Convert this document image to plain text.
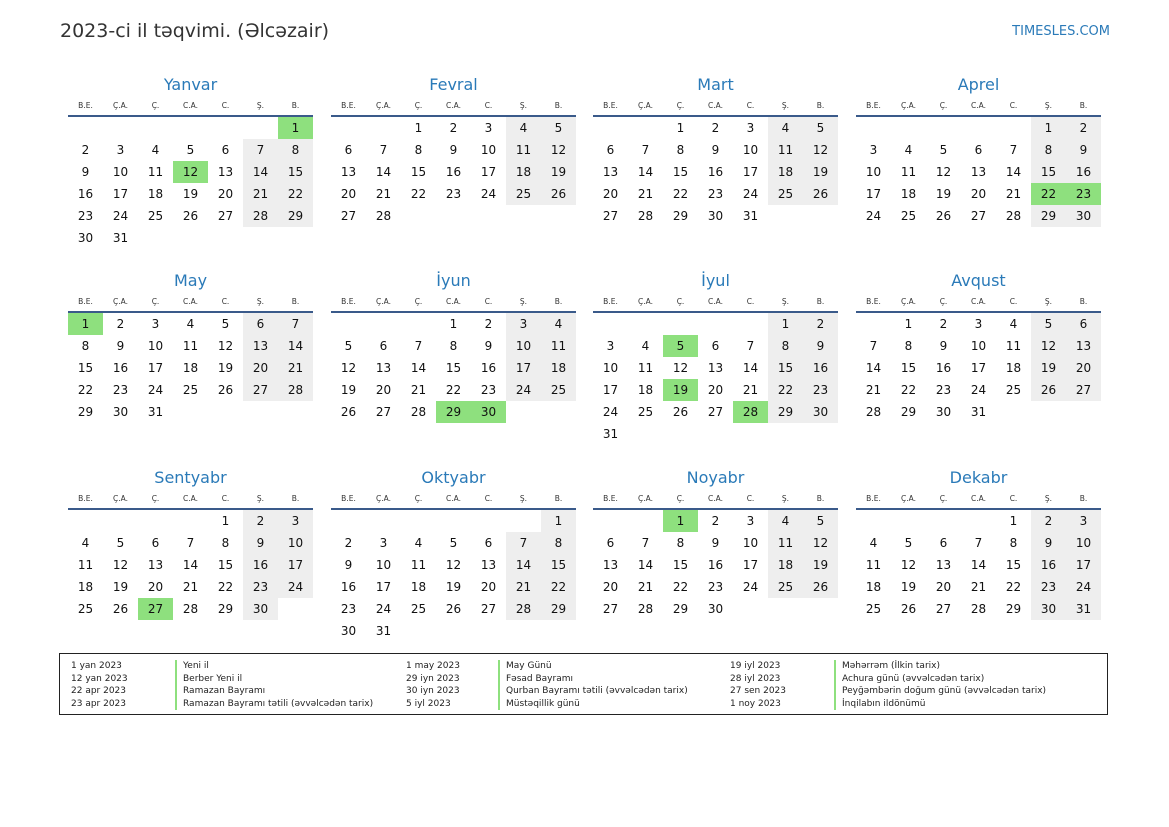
2023-ci il təqvimi. (Əlcəzair)	TIMESLES.COM
Yanvar
B.E.	Ç.A.	Ç.	C.A.	C.	Ş.	B.
						1
2	3	4	5	6	7	8
9	10	11	12	13	14	15
16	17	18	19	20	21	22
23	24	25	26	27	28	29
30	31					
Fevral
B.E.	Ç.A.	Ç.	C.A.	C.	Ş.	B.
		1	2	3	4	5
6	7	8	9	10	11	12
13	14	15	16	17	18	19
20	21	22	23	24	25	26
27	28					
Mart
B.E.	Ç.A.	Ç.	C.A.	C.	Ş.	B.
		1	2	3	4	5
6	7	8	9	10	11	12
13	14	15	16	17	18	19
20	21	22	23	24	25	26
27	28	29	30	31		
Aprel
B.E.	Ç.A.	Ç.	C.A.	C.	Ş.	B.
					1	2
3	4	5	6	7	8	9
10	11	12	13	14	15	16
17	18	19	20	21	22	23
24	25	26	27	28	29	30
May
B.E.	Ç.A.	Ç.	C.A.	C.	Ş.	B.
1	2	3	4	5	6	7
8	9	10	11	12	13	14
15	16	17	18	19	20	21
22	23	24	25	26	27	28
29	30	31				
İyun
B.E.	Ç.A.	Ç.	C.A.	C.	Ş.	B.
			1	2	3	4
5	6	7	8	9	10	11
12	13	14	15	16	17	18
19	20	21	22	23	24	25
26	27	28	29	30		
İyul
B.E.	Ç.A.	Ç.	C.A.	C.	Ş.	B.
					1	2
3	4	5	6	7	8	9
10	11	12	13	14	15	16
17	18	19	20	21	22	23
24	25	26	27	28	29	30
31						
Avqust
B.E.	Ç.A.	Ç.	C.A.	C.	Ş.	B.
	1	2	3	4	5	6
7	8	9	10	11	12	13
14	15	16	17	18	19	20
21	22	23	24	25	26	27
28	29	30	31			
Sentyabr
B.E.	Ç.A.	Ç.	C.A.	C.	Ş.	B.
				1	2	3
4	5	6	7	8	9	10
11	12	13	14	15	16	17
18	19	20	21	22	23	24
25	26	27	28	29	30	
Oktyabr
B.E.	Ç.A.	Ç.	C.A.	C.	Ş.	B.
						1
2	3	4	5	6	7	8
9	10	11	12	13	14	15
16	17	18	19	20	21	22
23	24	25	26	27	28	29
30	31					
Noyabr
B.E.	Ç.A.	Ç.	C.A.	C.	Ş.	B.
		1	2	3	4	5
6	7	8	9	10	11	12
13	14	15	16	17	18	19
20	21	22	23	24	25	26
27	28	29	30			
Dekabr
B.E.	Ç.A.	Ç.	C.A.	C.	Ş.	B.
				1	2	3
4	5	6	7	8	9	10
11	12	13	14	15	16	17
18	19	20	21	22	23	24
25	26	27	28	29	30	31
1 yan 2023	Yeni il
12 yan 2023	Berber Yeni il
22 apr 2023	Ramazan Bayramı
23 apr 2023	Ramazan Bayramı tətili (əvvəlcədən tarix)
1 may 2023	May Günü
29 iyn 2023	Fəsad Bayramı
30 iyn 2023	Qurban Bayramı tətili (əvvəlcədən tarix)
5 iyl 2023	Müstəqillik günü
19 iyl 2023	Məhərrəm (İlkin tarix)
28 iyl 2023	Achura günü (əvvəlcədən tarix)
27 sen 2023	Peyğəmbərin doğum günü (əvvəlcədən tarix)
1 noy 2023	İnqilabın ildönümü
